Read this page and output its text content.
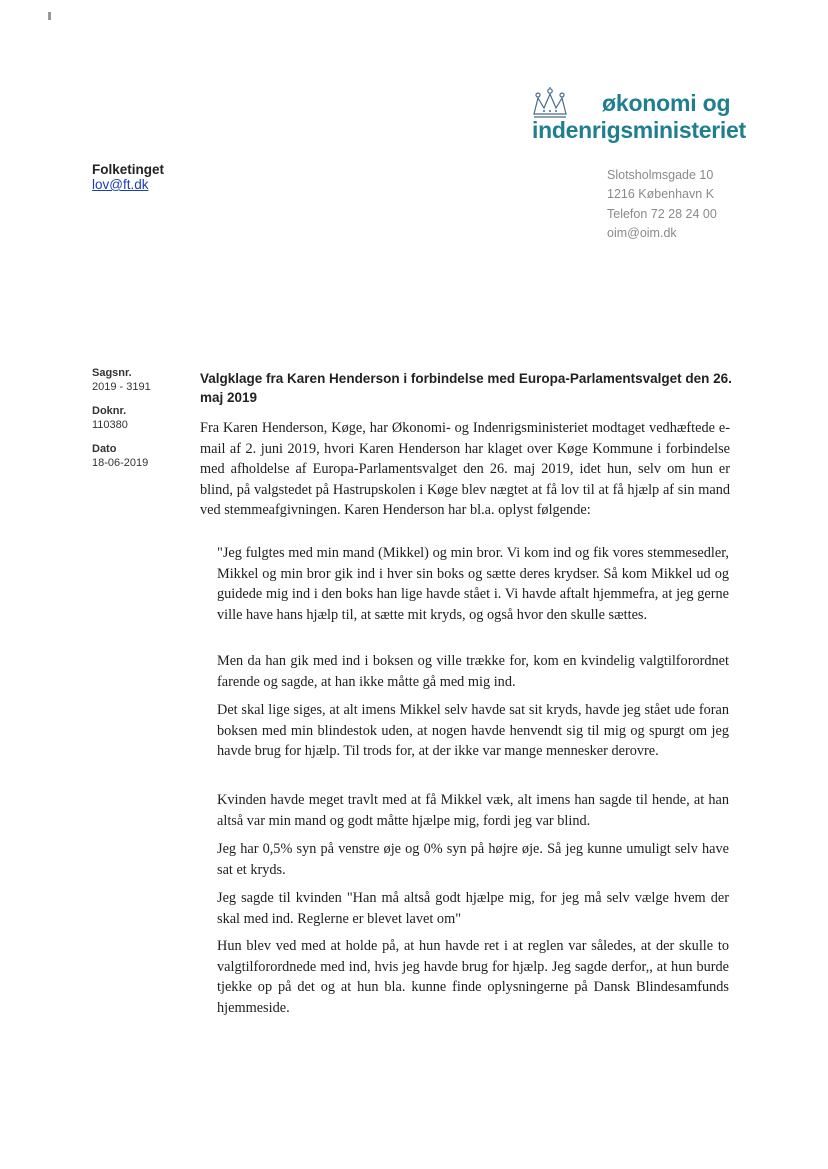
økonomi og
indenrigsministeriet
Folketinget
lov@ft.dk
Slotsholmsgade 10
1216 København K
Telefon 72 28 24 00
oim@oim.dk
Sagsnr.
2019 - 3191
Doknr.
110380
Dato
18-06-2019
Valgklage fra Karen Henderson i forbindelse med Europa-Parlamentsvalget den 26. maj 2019
Fra Karen Henderson, Køge, har Økonomi- og Indenrigsministeriet modtaget vedhæftede e-mail af 2. juni 2019, hvori Karen Henderson har klaget over Køge Kommune i forbindelse med afholdelse af Europa-Parlamentsvalget den 26. maj 2019, idet hun, selv om hun er blind, på valgstedet på Hastrupskolen i Køge blev nægtet at få lov til at få hjælp af sin mand ved stemmeafgivningen. Karen Henderson har bl.a. oplyst følgende:
"Jeg fulgtes med min mand (Mikkel) og min bror. Vi kom ind og fik vores stemmesedler, Mikkel og min bror gik ind i hver sin boks og sætte deres krydser. Så kom Mikkel ud og guidede mig ind i den boks han lige havde stået i. Vi havde aftalt hjemmefra, at jeg gerne ville have hans hjælp til, at sætte mit kryds, og også hvor den skulle sættes.
Men da han gik med ind i boksen og ville trække for, kom en kvindelig valgtilforordnet farende og sagde, at han ikke måtte gå med mig ind.
Det skal lige siges, at alt imens Mikkel selv havde sat sit kryds, havde jeg stået ude foran boksen med min blindestok uden, at nogen havde henvendt sig til mig og spurgt om jeg havde brug for hjælp. Til trods for, at der ikke var mange mennesker derovre.
Kvinden havde meget travlt med at få Mikkel væk, alt imens han sagde til hende, at han altså var min mand og godt måtte hjælpe mig, fordi jeg var blind.
Jeg har 0,5% syn på venstre øje og 0% syn på højre øje. Så jeg kunne umuligt selv have sat et kryds.
Jeg sagde til kvinden "Han må altså godt hjælpe mig, for jeg må selv vælge hvem der skal med ind. Reglerne er blevet lavet om"
Hun blev ved med at holde på, at hun havde ret i at reglen var således, at der skulle to valgtilforordnede med ind, hvis jeg havde brug for hjælp. Jeg sagde derfor,, at hun burde tjekke op på det og at hun bla. kunne finde oplysningerne på Dansk Blindesamfunds hjemmeside.
